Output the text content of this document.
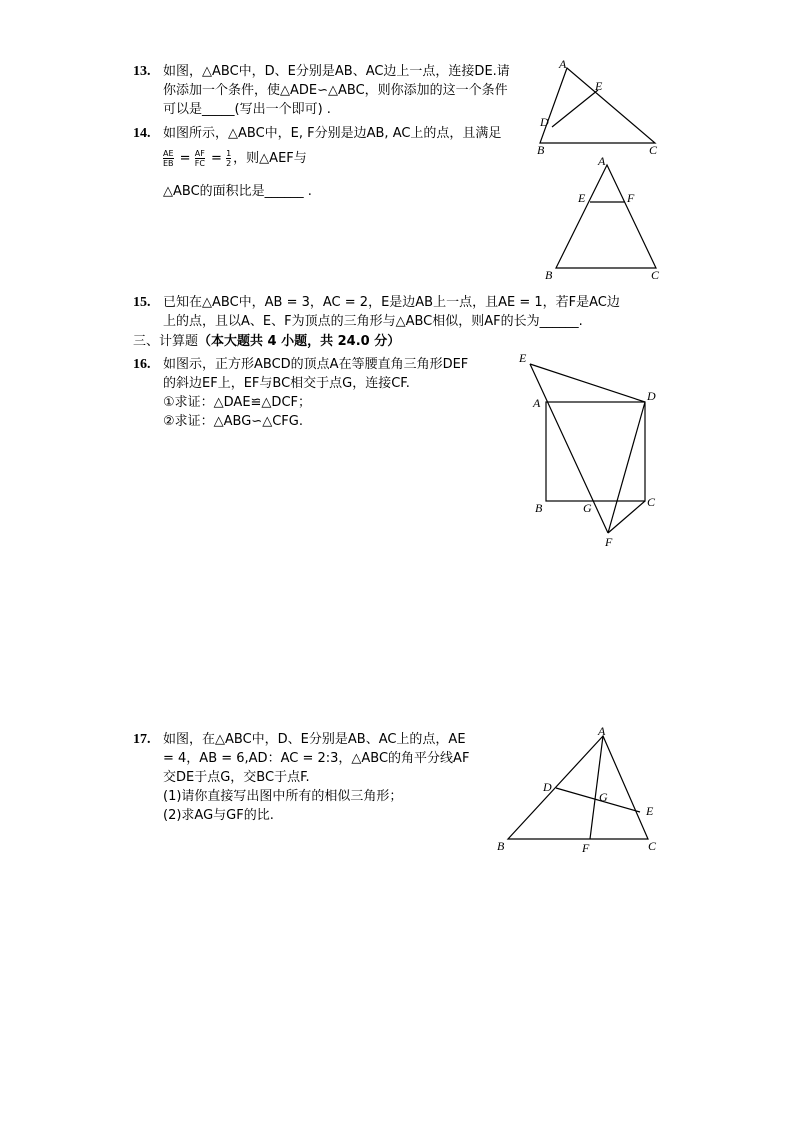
13. 如图，△ABC中，D、E分别是AB、AC边上一点，连接DE.请
你添加一个条件，使△ADE∽△ABC，则你添加的这一个条件
可以是_____(写出一个即可) .
A
E
D
B	C
14. 如图所示，△ABC中，E, F分别是边AB, AC上的点，且满足
$\frac{AE}{EB} = \frac{AF}{FC} = \frac{1}{2}$ ，则△AEF与
△ABC的面积比是______ .
A
E	F
B	C
15. 已知在△ABC中，AB = 3，AC = 2，E是边AB上一点，且AE = 1，若F是AC边
上的点，且以A、E、F为顶点的三角形与△ABC相似，则AF的长为______.
三、计算题（本大题共 4 小题，共 24.0 分）
16. 如图示，正方形ABCD的顶点A在等腰直角三角形DEF
的斜边EF上，EF与BC相交于点G，连接CF.
①求证：△DAE≌△DCF；
②求证：△ABG∽△CFG.
E
A	D
B	G	C
F
17. 如图，在△ABC中，D、E分别是AB、AC上的点，AE
= 4，AB = 6,AD：AC = 2:3，△ABC的角平分线AF
交DE于点G，交BC于点F.
(1)请你直接写出图中所有的相似三角形；
(2)求AG与GF的比.
A
D
G
E
B	F	C
